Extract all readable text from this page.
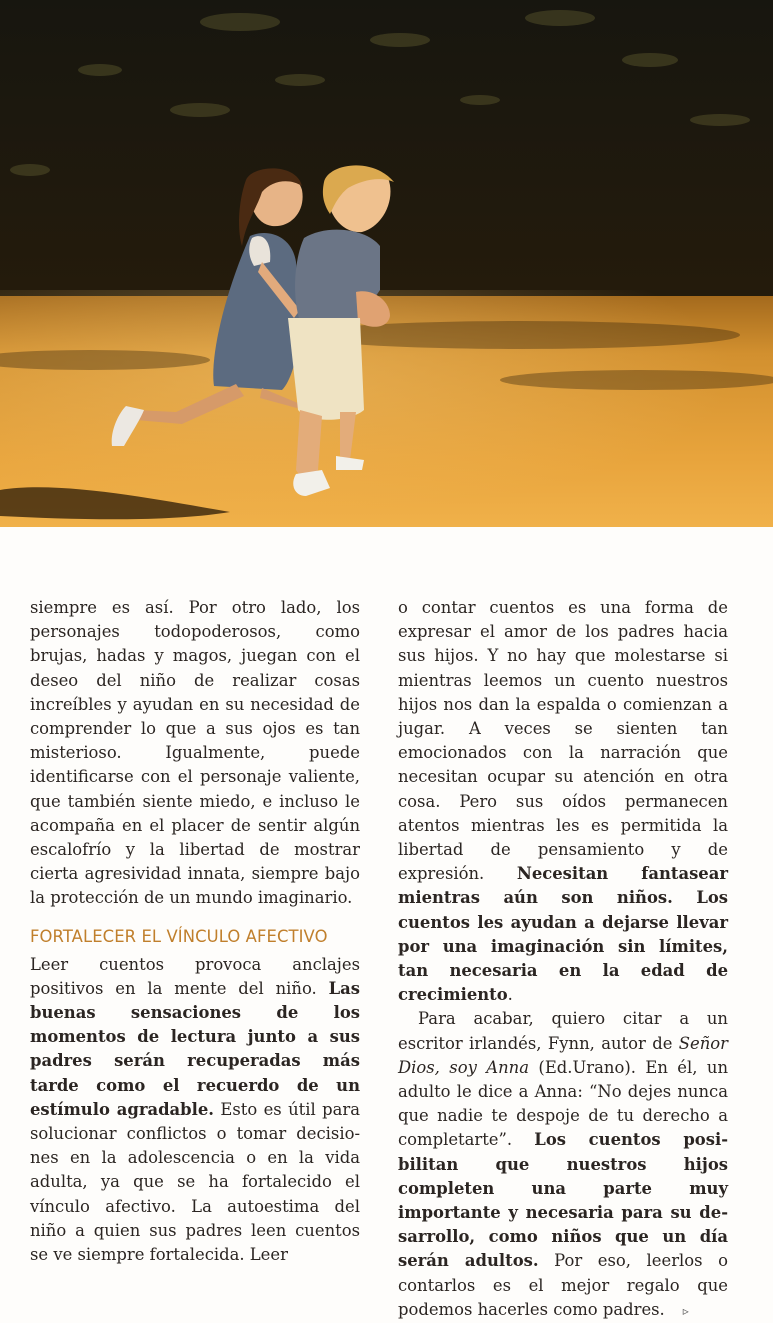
siempre es así. Por otro lado, los personajes todopoderosos, como brujas, hadas y magos, juegan con el deseo del niño de realizar cosas increíbles y ayudan en su necesidad de comprender lo que a sus ojos es tan misterioso. Igualmente, puede identificarse con el personaje valiente, que también siente miedo, e incluso le acompaña en el placer de sentir algún escalofrío y la libertad de mostrar cierta agresividad innata, siempre bajo la protección de un mundo imaginario.

FORTALECER EL VÍNCULO AFECTIVO

Leer cuentos provoca anclajes positivos en la mente del niño. Las buenas sensaciones de los momentos de lectura junto a sus padres serán recuperadas más tarde como el recuerdo de un estímulo agradable. Esto es útil para solucionar conflictos o tomar decisiones en la adolescencia o en la vida adulta, ya que se ha fortalecido el vínculo afectivo. La autoestima del niño a quien sus padres leen cuentos se ve siempre fortalecida. Leer

o contar cuentos es una forma de expresar el amor de los padres hacia sus hijos. Y no hay que molestarse si mientras leemos un cuento nuestros hijos nos dan la espalda o comienzan a jugar. A veces se sienten tan emocionados con la narración que necesitan ocupar su atención en otra cosa. Pero sus oídos permanecen atentos mientras les es permitida la libertad de pensamiento y de expresión. Necesitan fantasear mientras aún son niños. Los cuentos les ayudan a dejarse llevar por una imaginación sin límites, tan necesaria en la edad de crecimiento.

Para acabar, quiero citar a un escritor irlandés, Fynn, autor de Señor Dios, soy Anna (Ed.Urano). En él, un adulto le dice a Anna: “No dejes nunca que nadie te despoje de tu derecho a completarte”. Los cuentos posibilitan que nuestros hijos completen una parte muy importante y necesaria para su desarrollo, como niños que un día serán adultos. Por eso, leerlos o contarlos es el mejor regalo que podemos hacerles como padres. ▹
